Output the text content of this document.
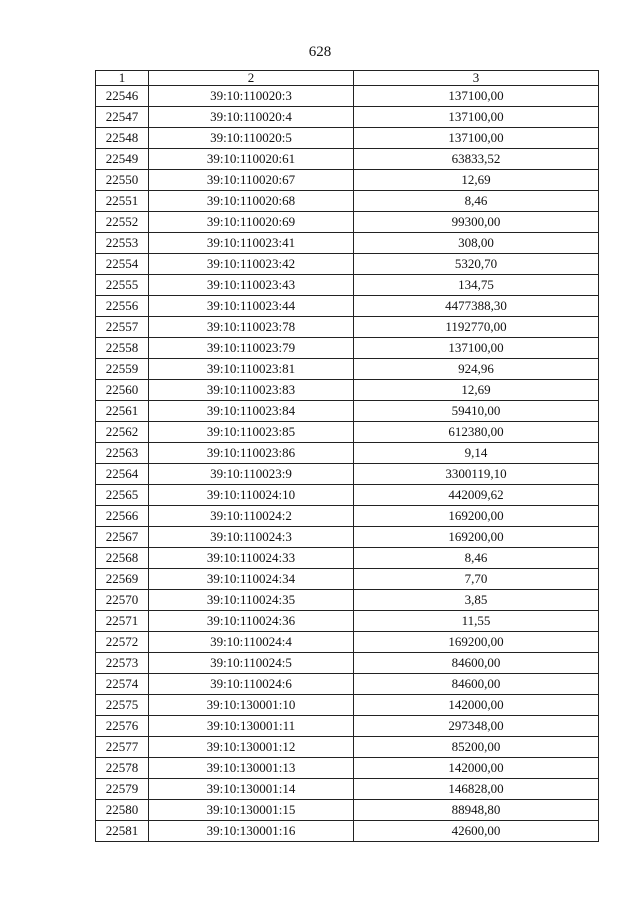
628
1	2	3
22546	39:10:110020:3	137100,00
22547	39:10:110020:4	137100,00
22548	39:10:110020:5	137100,00
22549	39:10:110020:61	63833,52
22550	39:10:110020:67	12,69
22551	39:10:110020:68	8,46
22552	39:10:110020:69	99300,00
22553	39:10:110023:41	308,00
22554	39:10:110023:42	5320,70
22555	39:10:110023:43	134,75
22556	39:10:110023:44	4477388,30
22557	39:10:110023:78	1192770,00
22558	39:10:110023:79	137100,00
22559	39:10:110023:81	924,96
22560	39:10:110023:83	12,69
22561	39:10:110023:84	59410,00
22562	39:10:110023:85	612380,00
22563	39:10:110023:86	9,14
22564	39:10:110023:9	3300119,10
22565	39:10:110024:10	442009,62
22566	39:10:110024:2	169200,00
22567	39:10:110024:3	169200,00
22568	39:10:110024:33	8,46
22569	39:10:110024:34	7,70
22570	39:10:110024:35	3,85
22571	39:10:110024:36	11,55
22572	39:10:110024:4	169200,00
22573	39:10:110024:5	84600,00
22574	39:10:110024:6	84600,00
22575	39:10:130001:10	142000,00
22576	39:10:130001:11	297348,00
22577	39:10:130001:12	85200,00
22578	39:10:130001:13	142000,00
22579	39:10:130001:14	146828,00
22580	39:10:130001:15	88948,80
22581	39:10:130001:16	42600,00
